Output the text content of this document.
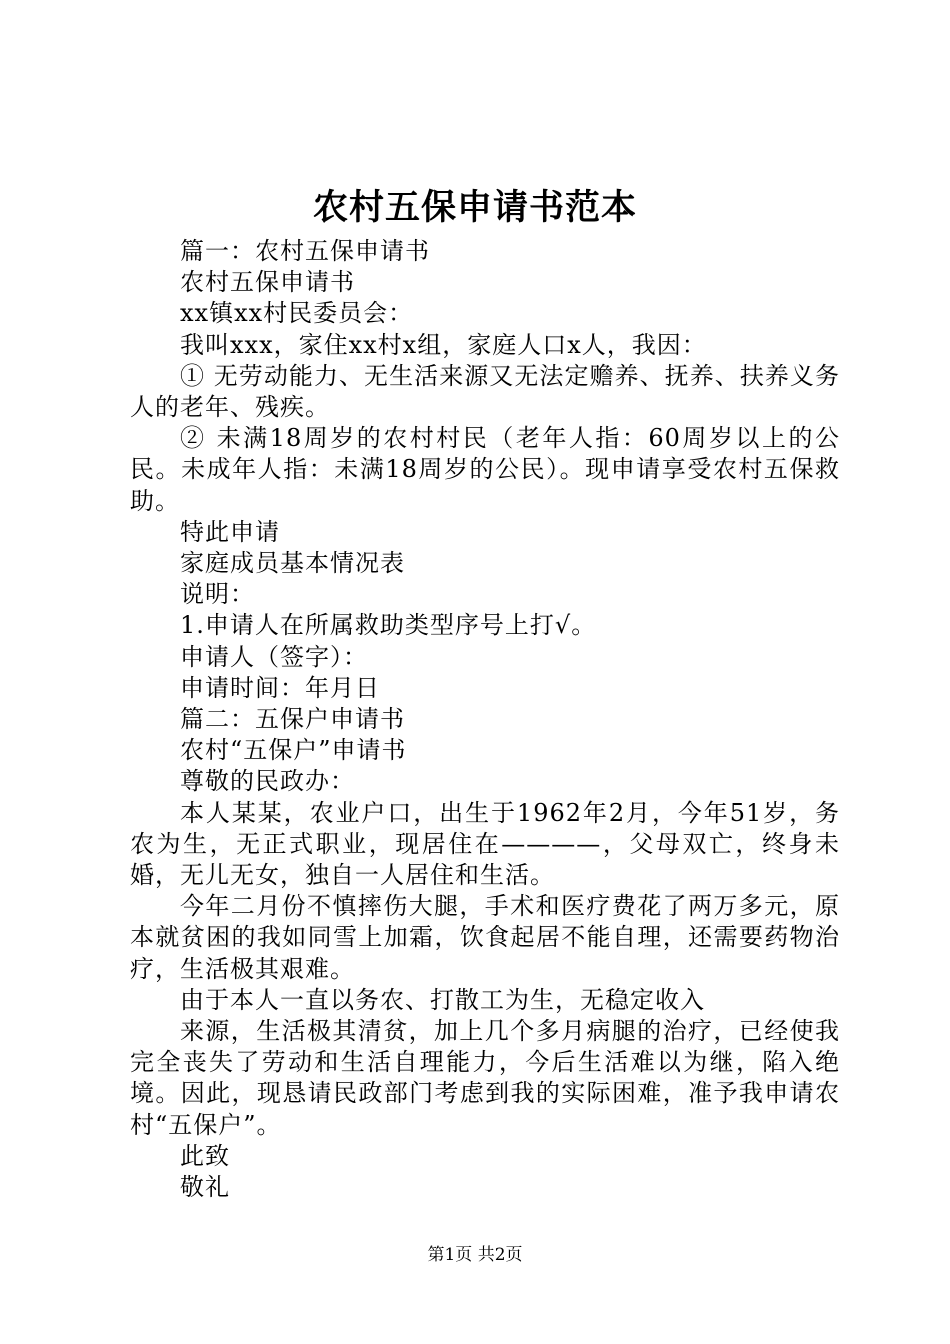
农村五保申请书范本

篇一：农村五保申请书

农村五保申请书

xx镇xx村民委员会：

我叫xxx，家住xx村x组，家庭人口x人，我因：

① 无劳动能力、无生活来源又无法定赡养、抚养、扶养义务人的老年、残疾。

② 未满18周岁的农村村民（老年人指：60周岁以上的公民。未成年人指：未满18周岁的公民）。现申请享受农村五保救助。

特此申请

家庭成员基本情况表

说明：

1.申请人在所属救助类型序号上打√。

申请人（签字）：

申请时间：年月日

篇二：五保户申请书

农村“五保户”申请书

尊敬的民政办：

本人某某，农业户口，出生于1962年2月，今年51岁，务农为生，无正式职业，现居住在————，父母双亡，终身未婚，无儿无女，独自一人居住和生活。

今年二月份不慎摔伤大腿，手术和医疗费花了两万多元，原本就贫困的我如同雪上加霜，饮食起居不能自理，还需要药物治疗，生活极其艰难。

由于本人一直以务农、打散工为生，无稳定收入

来源，生活极其清贫，加上几个多月病腿的治疗，已经使我完全丧失了劳动和生活自理能力，今后生活难以为继，陷入绝境。因此，现恳请民政部门考虑到我的实际困难，准予我申请农村“五保户”。

此致

敬礼

第1页 共2页
